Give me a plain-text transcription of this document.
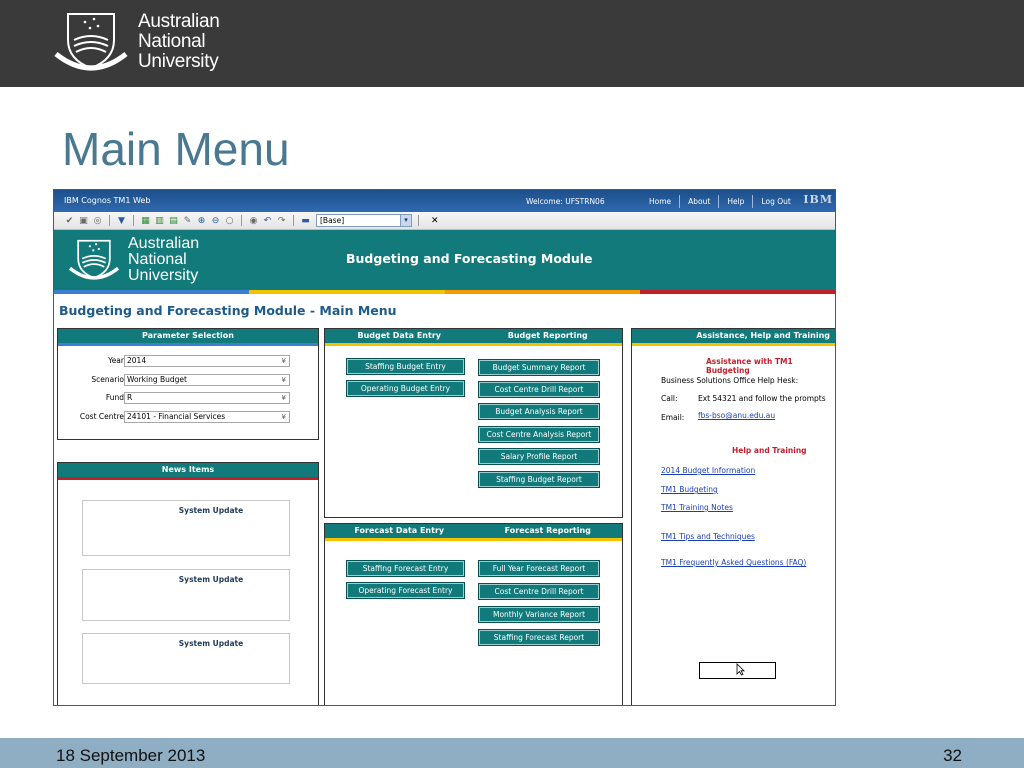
Australian
National
University
Main Menu
IBM Cognos TM1 Web	Welcome: UFSTRN06	Home	About	Help	Log Out	IBM
✔ ▣ ◎ ▼ ▦ ▥ ▤ ✎ ⊕ ⊖ ○ ◉ ↶ ↷ ▬	[Base]	▾	✕
Australian
National
University
Budgeting and Forecasting Module
Budgeting and Forecasting Module - Main Menu
Parameter Selection
Year 2014	¥
Scenario Working Budget	¥
Fund R	¥
Cost Centre 24101 - Financial Services	¥
News Items
System Update
System Update
System Update
Budget Data Entry	Budget Reporting
Staffing Budget Entry
Operating Budget Entry
Budget Summary Report
Cost Centre Drill Report
Budget Analysis Report
Cost Centre Analysis Report
Salary Profile Report
Staffing Budget Report
Forecast Data Entry	Forecast Reporting
Staffing Forecast Entry
Operating Forecast Entry
Full Year Forecast Report
Cost Centre Drill Report
Monthly Variance Report
Staffing Forecast Report
Assistance, Help and Training
Assistance with TM1 Budgeting
Business Solutions Office Help Hesk:
Call:	Ext 54321 and follow the prompts
Email: fbs-bso@anu.edu.au
Help and Training
2014 Budget Information
TM1 Budgeting
TM1 Training Notes
TM1 Tips and Techniques
TM1 Frequently Asked Questions (FAQ)
18 September 2013	32
